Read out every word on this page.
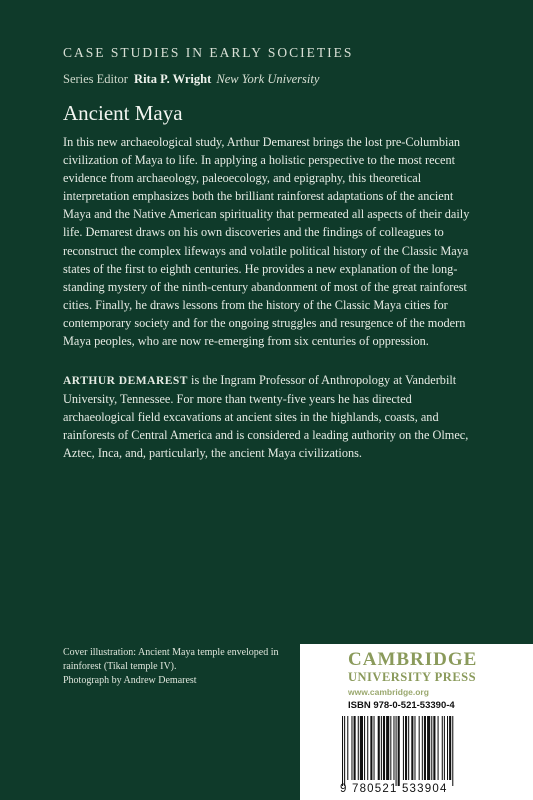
CASE STUDIES IN EARLY SOCIETIES
Series Editor Rita P. Wright New York University
Ancient Maya

In this new archaeological study, Arthur Demarest brings the lost pre-Columbian civilization of Maya to life. In applying a holistic perspective to the most recent evidence from archaeology, paleoecology, and epigraphy, this theoretical interpretation emphasizes both the brilliant rainforest adaptations of the ancient Maya and the Native American spirituality that permeated all aspects of their daily life. Demarest draws on his own discoveries and the findings of colleagues to reconstruct the complex lifeways and volatile political history of the Classic Maya states of the first to eighth centuries. He provides a new explanation of the long-standing mystery of the ninth-century abandonment of most of the great rainforest cities. Finally, he draws lessons from the history of the Classic Maya cities for contemporary society and for the ongoing struggles and resurgence of the modern Maya peoples, who are now re-emerging from six centuries of oppression.

ARTHUR DEMAREST is the Ingram Professor of Anthropology at Vanderbilt University, Tennessee. For more than twenty-five years he has directed archaeological field excavations at ancient sites in the highlands, coasts, and rainforests of Central America and is considered a leading authority on the Olmec, Aztec, Inca, and, particularly, the ancient Maya civilizations.

Cover illustration: Ancient Maya temple enveloped in rainforest (Tikal temple IV).
Photograph by Andrew Demarest
CAMBRIDGE
UNIVERSITY PRESS
www.cambridge.org
ISBN 978-0-521-53390-4
9 780521 533904
